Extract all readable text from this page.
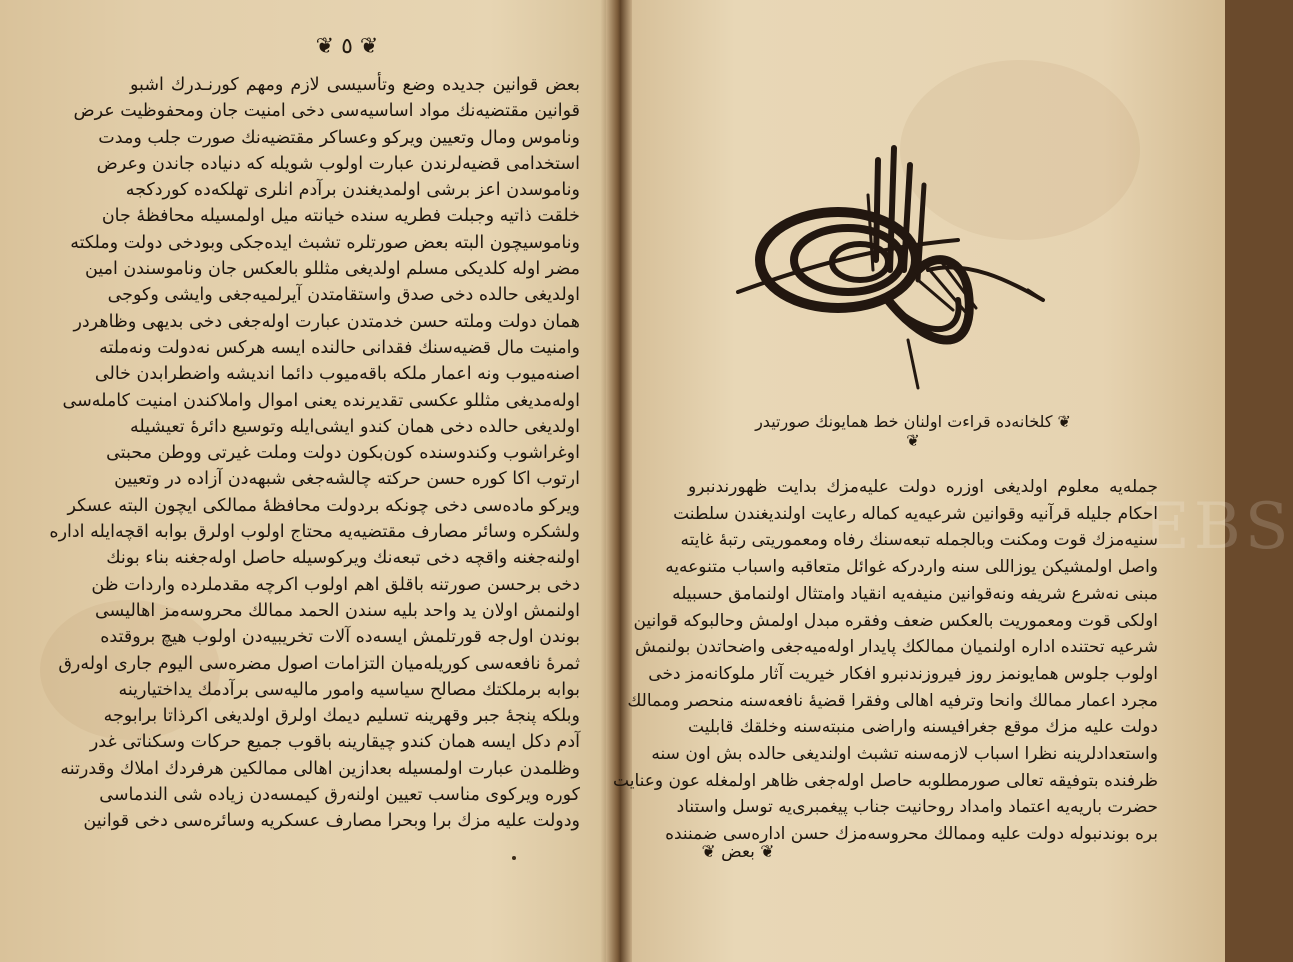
❦ ٥ ❦
بعض قوانین جدیده وضع وتأسیسی لازم ومهم کورنـدرك اشبو
قوانین مقتضیه‌نك مواد اساسیه‌سی دخی امنیت جان ومحفوظیت عرض
وناموس ومال وتعیین ویركو وعساكر مقتضیه‌نك صورت جلب ومدت
استخدامی قضیه‌لرندن عبارت اولوب شویله كه دنیاده جاندن وعرض
وناموسدن اعز برشی اولمدیغندن برآدم انلری تهلكه‌ده كوردكجه
خلقت ذاتیه وجبلت فطریه سنده خیانته میل اولمسیله محافظهٔ جان
وناموسیچون البته بعض صورتلره تشبث ایده‌جكی وبودخی دولت وملكته
مضر اوله كلدیكی مسلم اولدیغی مثللو بالعكس جان وناموسندن امین
اولدیغی حالده دخی صدق واستقامتدن آیرلمیه‌جغی وایشی وكوجی
همان دولت وملته حسن خدمتدن عبارت اوله‌جغی دخی بدیهی وظاهردر
وامنیت مال قضیه‌سنك فقدانی حالنده ایسه هركس نه‌دولت ونه‌ملته
اصنه‌میوب ونه اعمار ملكه باقه‌میوب دائما اندیشه واضطرابدن خالی
اوله‌مدیغی مثللو عكسی تقدیرنده یعنی اموال واملاكندن امنیت كامله‌سی
اولدیغی حالده دخی همان كندو ایشی‌ایله وتوسیع دائرهٔ تعیشیله
اوغراشوب وكندوسنده كون‌بكون دولت وملت غیرتی ووطن محبتی
ارتوب اكا كوره حسن حركته چالشه‌جغی شبهه‌دن آزاده در وتعیین
ویركو ماده‌سی دخی چونكه بردولت محافظهٔ ممالكی ایچون البته عسكر
ولشكره وسائر مصارف مقتضیه‌یه محتاج اولوب اولرق بوابه اقچه‌ایله اداره
اولنه‌جغنه واقچه دخی تبعه‌نك ویركوسیله حاصل اوله‌جغنه بناء بونك
دخی برحسن صورتنه باقلق اهم اولوب اكرچه مقدملرده واردات ظن
اولنمش اولان ید واحد بلیه سندن الحمد ممالك محروسه‌مز اهالیسی
بوندن اول‌جه قورتلمش ایسه‌ده آلات تخریبیه‌دن اولوب هیچ بروقتده
ثمرهٔ نافعه‌سی كوریله‌میان التزامات اصول مضره‌سی الیوم جاری اوله‌رق
بوابه برملكتك مصالح سیاسیه وامور مالیه‌سی برآدمك یداختیارینه
وبلكه پنجهٔ جبر وقهرینه تسلیم دیمك اولرق اولدیغی اكرذاتا برابوجه
آدم دكل ایسه همان كندو چیقارینه باقوب جمیع حركات وسكناتی غدر
وظلمدن عبارت اولمسیله بعدازین اهالی ممالكین هرفردك املاك وقدرتنه
كوره ویركوی مناسب تعیین اولنه‌رق كیمسه‌دن زیاده شی الندماسی
ودولت علیه مزك برا وبحرا مصارف عسكریه وسائره‌سی دخی قوانین
❦ كلخانه‌ده قراءت اولنان خط همایونك صورتیدر ❦
EBS
جمله‌یه معلوم اولدیغی اوزره دولت علیه‌مزك بدایت ظهورندنبرو
احكام جلیله قرآنیه وقوانین شرعیه‌یه كماله رعایت اولندیغندن سلطنت
سنیه‌مزك قوت ومكنت وبالجمله تبعه‌سنك رفاه ومعموریتی رتبهٔ غایته
واصل اولمشیكن یوزاللی سنه واردركه غوائل متعاقبه واسباب متنوعه‌یه
مبنی نه‌شرع شریفه ونه‌قوانین منیفه‌یه انقیاد وامتثال اولنمامق حسبیله
اولكی قوت ومعموریت بالعكس ضعف وفقره مبدل اولمش وحالبوكه قوانین
شرعیه تحتنده اداره اولنمیان ممالكك پایدار اوله‌میه‌جغی واضحاتدن بولنمش
اولوب جلوس همایونمز روز فیروزندنبرو افكار خیریت آثار ملوكانه‌مز دخی
مجرد اعمار ممالك وانحا وترفیه اهالی وفقرا قضیهٔ نافعه‌سنه منحصر وممالك
دولت علیه مزك موقع جغرافیسنه واراضی منبته‌سنه وخلقك قابلیت
واستعدادلرینه نظرا اسباب لازمه‌سنه تشبث اولندیغی حالده بش اون سنه
ظرفنده بتوفیقه تعالی صورمطلوبه حاصل اوله‌جغی ظاهر اولمغله عون وعنایت
حضرت باریه‌یه اعتماد وامداد روحانیت جناب پیغمبری‌یه توسل واستناد
بره بوندنبوله دولت علیه وممالك محروسه‌مزك حسن اداره‌سی ضمننده
❦ بعض ❦
